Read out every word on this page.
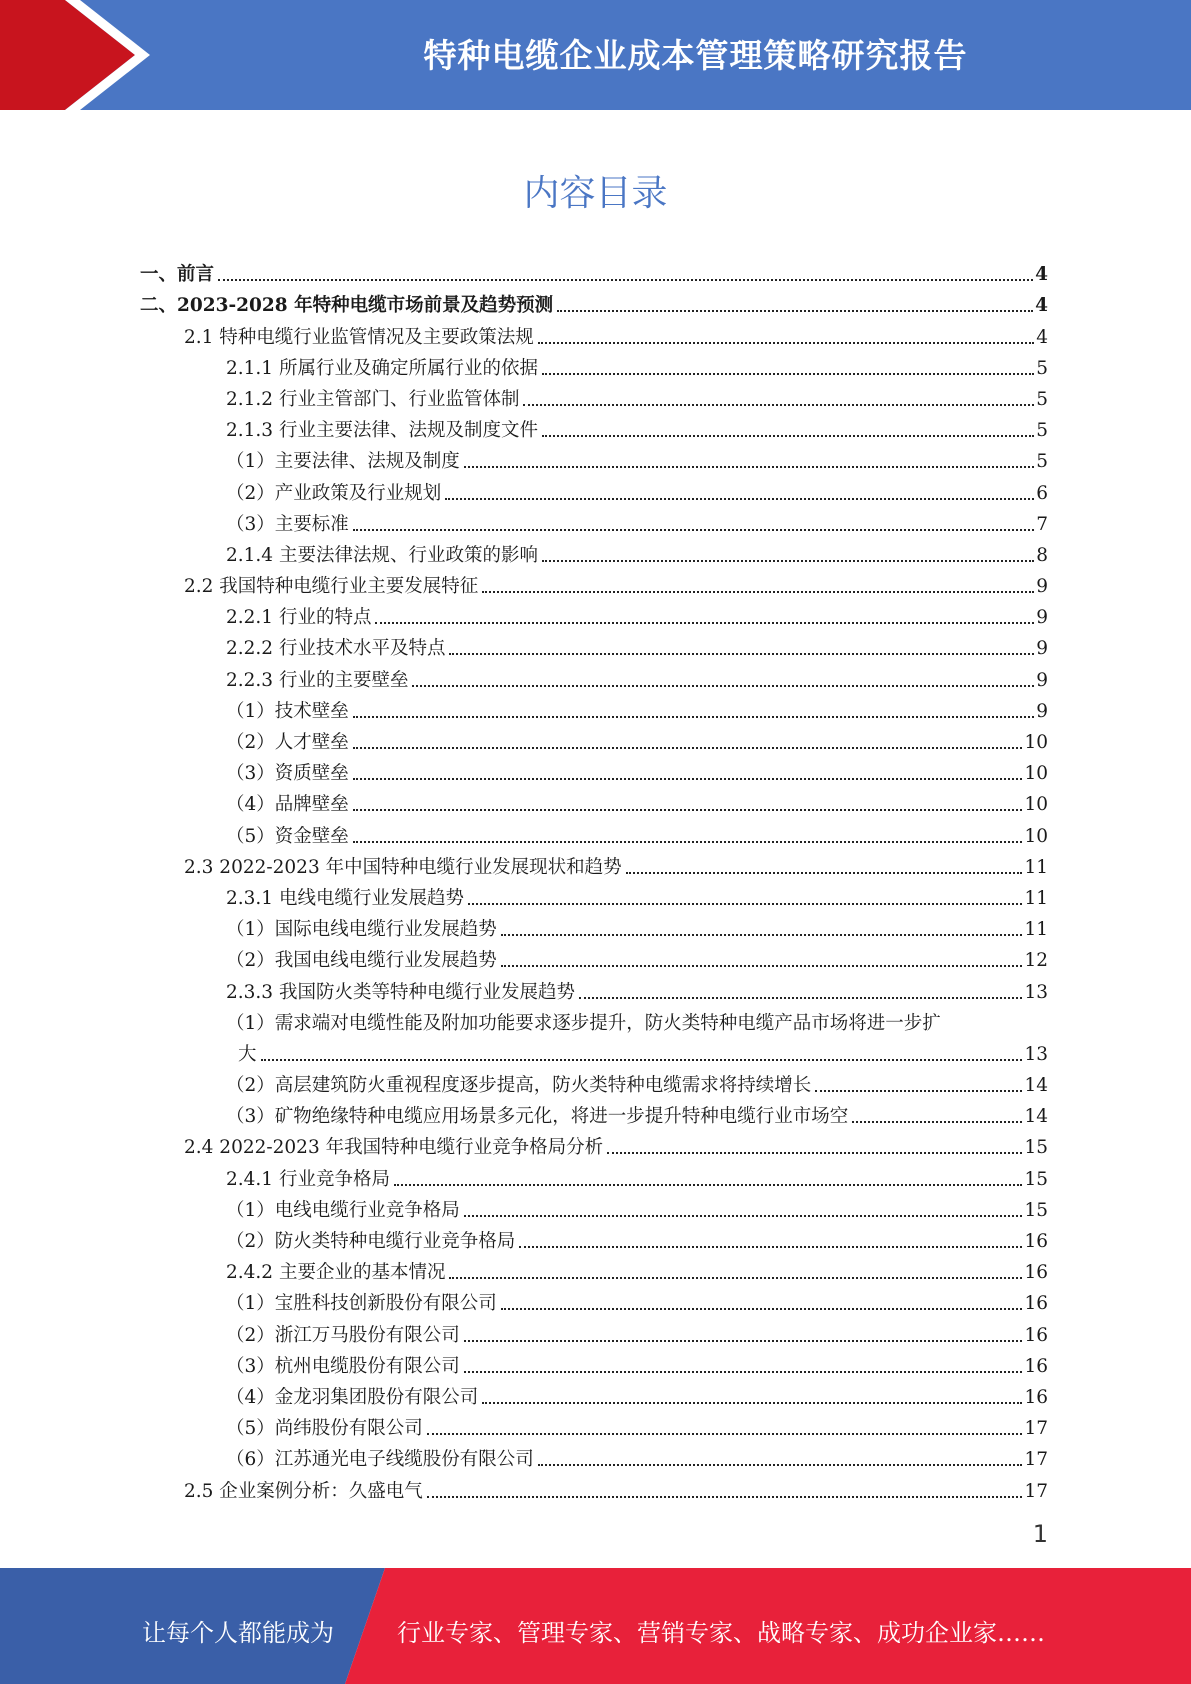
特种电缆企业成本管理策略研究报告
内容目录
一、前言	4
二、2023-2028 年特种电缆市场前景及趋势预测	4
2.1 特种电缆行业监管情况及主要政策法规	4
2.1.1 所属行业及确定所属行业的依据	5
2.1.2 行业主管部门、行业监管体制	5
2.1.3 行业主要法律、法规及制度文件	5
（1）主要法律、法规及制度	5
（2）产业政策及行业规划	6
（3）主要标准	7
2.1.4 主要法律法规、行业政策的影响	8
2.2 我国特种电缆行业主要发展特征	9
2.2.1 行业的特点	9
2.2.2 行业技术水平及特点	9
2.2.3 行业的主要壁垒	9
（1）技术壁垒	9
（2）人才壁垒	10
（3）资质壁垒	10
（4）品牌壁垒	10
（5）资金壁垒	10
2.3 2022-2023 年中国特种电缆行业发展现状和趋势	11
2.3.1 电线电缆行业发展趋势	11
（1）国际电线电缆行业发展趋势	11
（2）我国电线电缆行业发展趋势	12
2.3.3 我国防火类等特种电缆行业发展趋势	13
（1）需求端对电缆性能及附加功能要求逐步提升，防火类特种电缆产品市场将进一步扩
大	13
（2）高层建筑防火重视程度逐步提高，防火类特种电缆需求将持续增长	14
（3）矿物绝缘特种电缆应用场景多元化，将进一步提升特种电缆行业市场空	14
2.4 2022-2023 年我国特种电缆行业竞争格局分析	15
2.4.1 行业竞争格局	15
（1）电线电缆行业竞争格局	15
（2）防火类特种电缆行业竞争格局	16
2.4.2 主要企业的基本情况	16
（1）宝胜科技创新股份有限公司	16
（2）浙江万马股份有限公司	16
（3）杭州电缆股份有限公司	16
（4）金龙羽集团股份有限公司	16
（5）尚纬股份有限公司	17
（6）江苏通光电子线缆股份有限公司	17
2.5 企业案例分析：久盛电气	17
1
让每个人都能成为	行业专家、管理专家、营销专家、战略专家、成功企业家……
